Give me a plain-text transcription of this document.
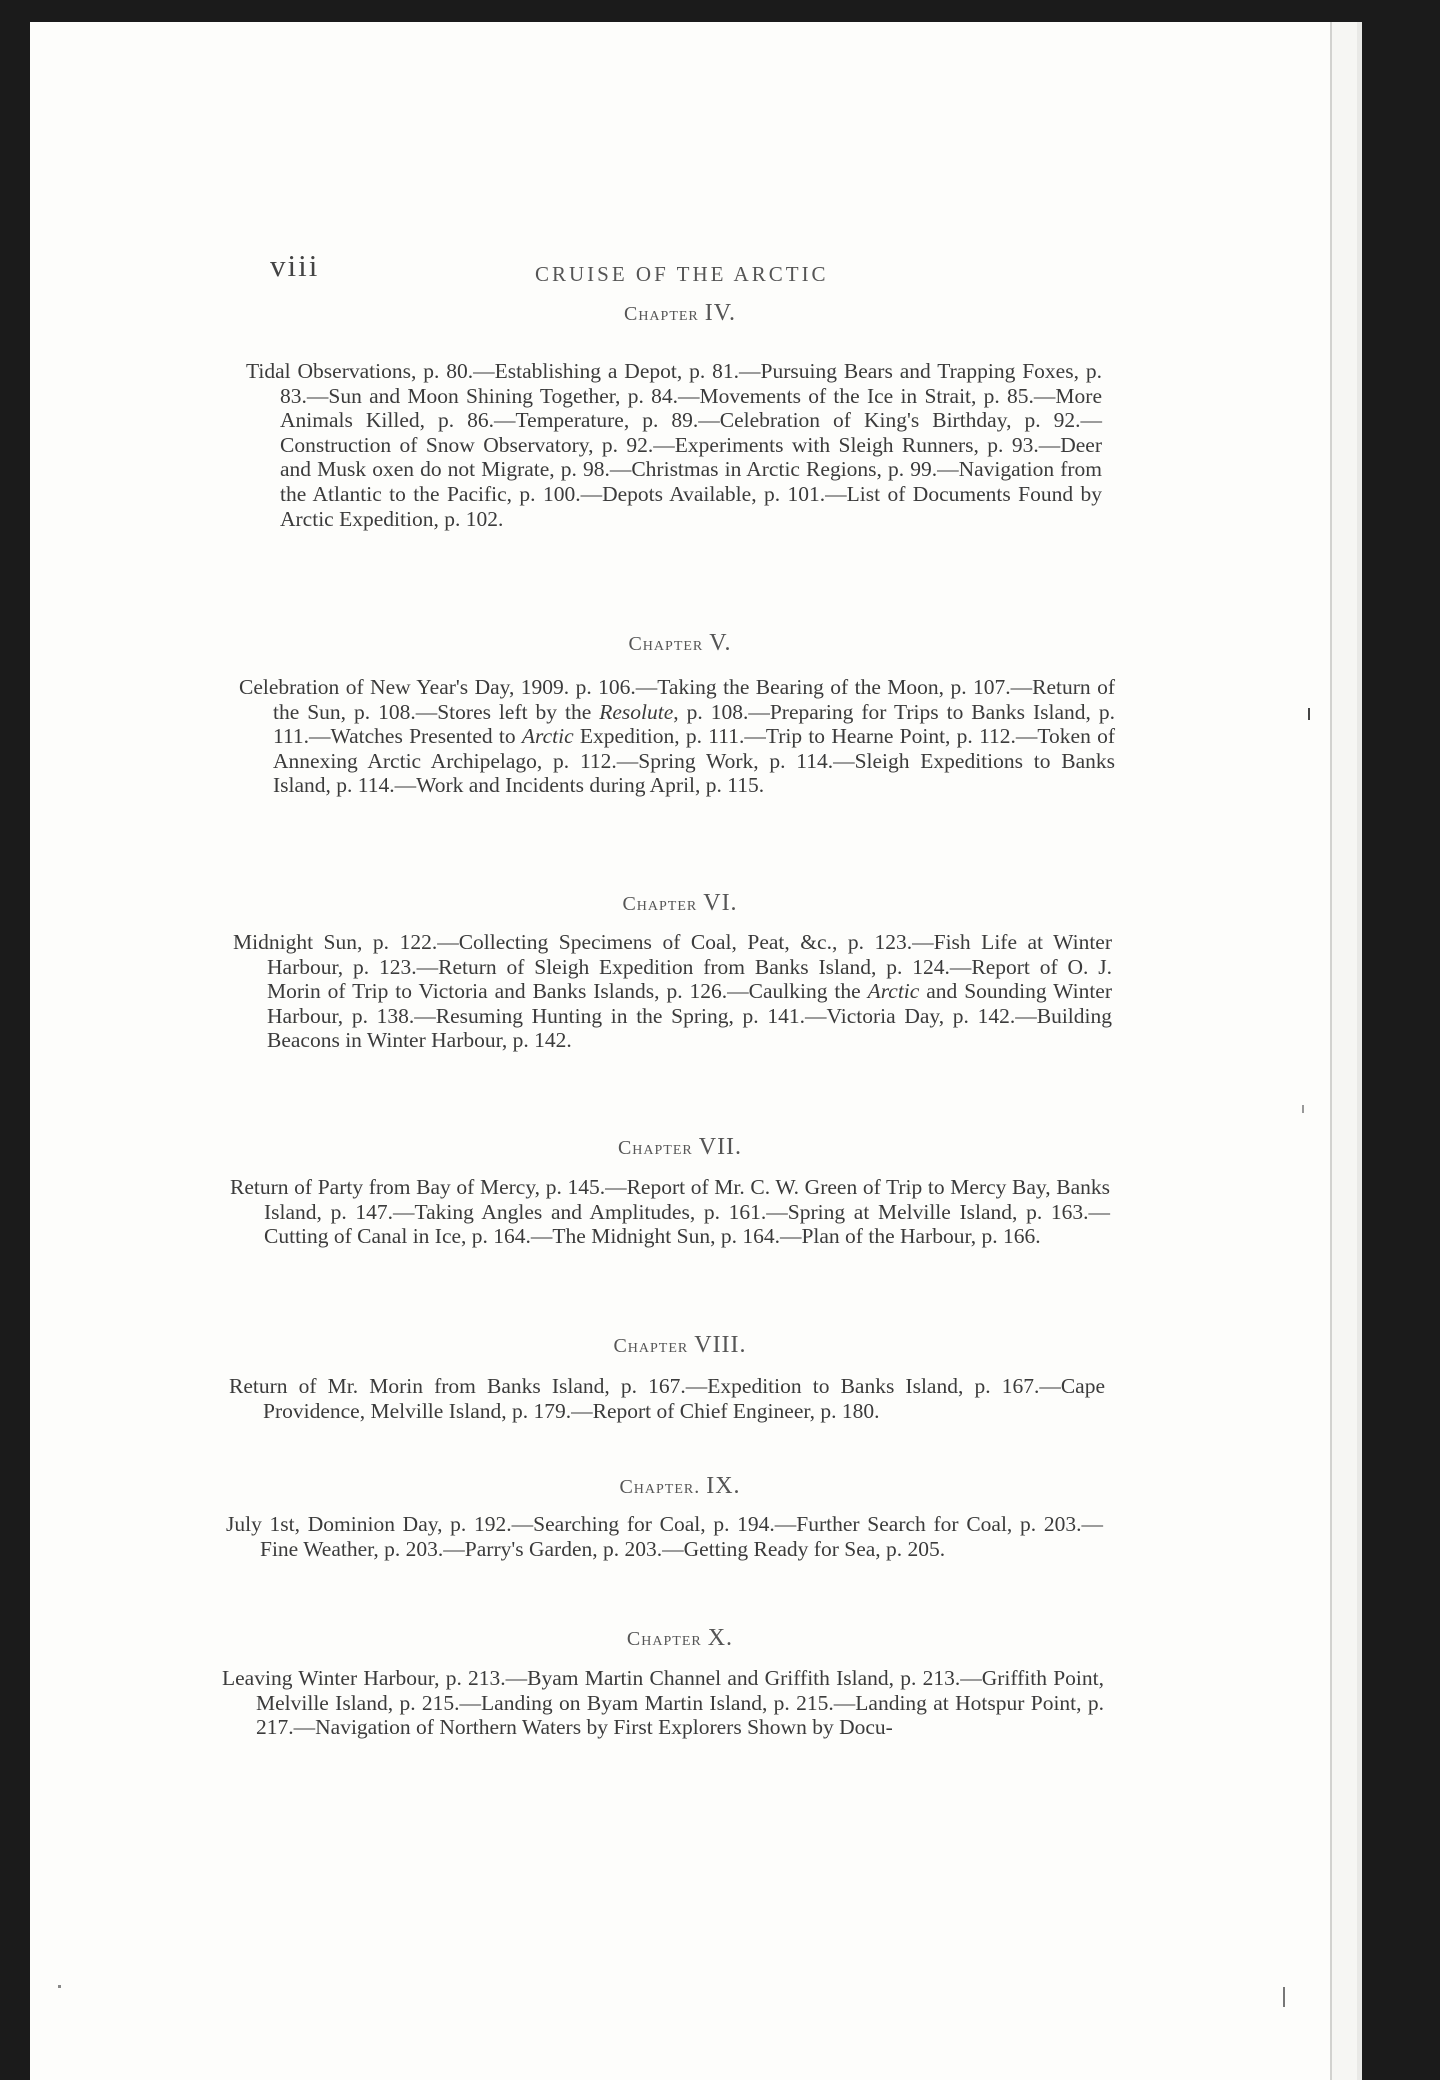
viii	CRUISE OF THE ARCTIC
Chapter IV.

Tidal Observations, p. 80.—Establishing a Depot, p. 81.—Pursuing Bears and Trapping Foxes, p. 83.—Sun and Moon Shining Together, p. 84.—Movements of the Ice in Strait, p. 85.—More Animals Killed, p. 86.—Temperature, p. 89.—Celebration of King's Birthday, p. 92.—Construction of Snow Observatory, p. 92.—Experiments with Sleigh Runners, p. 93.—Deer and Musk oxen do not Migrate, p. 98.—Christmas in Arctic Regions, p. 99.—Navigation from the Atlantic to the Pacific, p. 100.—Depots Available, p. 101.—List of Documents Found by Arctic Expedition, p. 102.

Chapter V.

Celebration of New Year's Day, 1909. p. 106.—Taking the Bearing of the Moon, p. 107.—Return of the Sun, p. 108.—Stores left by the Resolute, p. 108.—Preparing for Trips to Banks Island, p. 111.—Watches Presented to Arctic Expedition, p. 111.—Trip to Hearne Point, p. 112.—Token of Annexing Arctic Archipelago, p. 112.—Spring Work, p. 114.—Sleigh Expeditions to Banks Island, p. 114.—Work and Incidents during April, p. 115.

Chapter VI.

Midnight Sun, p. 122.—Collecting Specimens of Coal, Peat, &c., p. 123.—Fish Life at Winter Harbour, p. 123.—Return of Sleigh Expedition from Banks Island, p. 124.—Report of O. J. Morin of Trip to Victoria and Banks Islands, p. 126.—Caulking the Arctic and Sounding Winter Harbour, p. 138.—Resuming Hunting in the Spring, p. 141.—Victoria Day, p. 142.—Building Beacons in Winter Harbour, p. 142.

Chapter VII.

Return of Party from Bay of Mercy, p. 145.—Report of Mr. C. W. Green of Trip to Mercy Bay, Banks Island, p. 147.—Taking Angles and Amplitudes, p. 161.—Spring at Melville Island, p. 163.—Cutting of Canal in Ice, p. 164.—The Midnight Sun, p. 164.—Plan of the Harbour, p. 166.

Chapter VIII.

Return of Mr. Morin from Banks Island, p. 167.—Expedition to Banks Island, p. 167.—Cape Providence, Melville Island, p. 179.—Report of Chief Engineer, p. 180.

Chapter. IX.

July 1st, Dominion Day, p. 192.—Searching for Coal, p. 194.—Further Search for Coal, p. 203.—Fine Weather, p. 203.—Parry's Garden, p. 203.—Getting Ready for Sea, p. 205.

Chapter X.

Leaving Winter Harbour, p. 213.—Byam Martin Channel and Griffith Island, p. 213.—Griffith Point, Melville Island, p. 215.—Landing on Byam Martin Island, p. 215.—Landing at Hotspur Point, p. 217.—Navigation of Northern Waters by First Explorers Shown by Docu-
